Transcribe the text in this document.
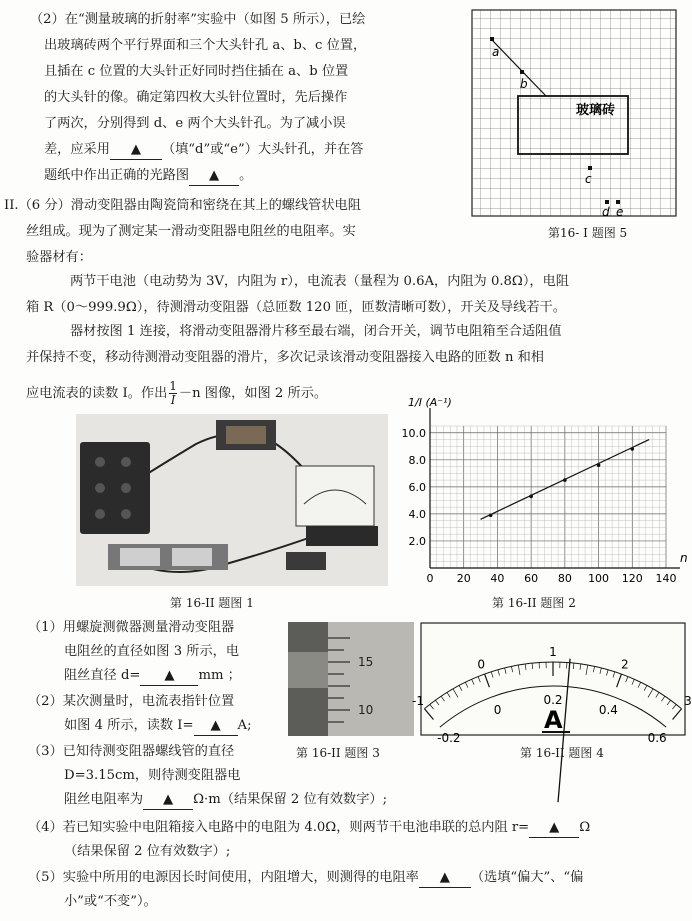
（2）在“测量玻璃的折射率”实验中（如图 5 所示），已绘
出玻璃砖两个平行界面和三个大头针孔 a、b、c 位置，
且插在 c 位置的大头针正好同时挡住插在 a、b 位置
的大头针的像。确定第四枚大头针位置时，先后操作
了两次，分别得到 d、e 两个大头针孔。为了减小误
差，应采用 ▲ （填“d”或“e”）大头针孔，并在答
题纸中作出正确的光路图 ▲ 。
a
b
c
d e
玻璃砖
第16- I 题图 5
II.（6 分）滑动变阻器由陶瓷筒和密绕在其上的螺线管状电阻
丝组成。现为了测定某一滑动变阻器电阻丝的电阻率。实
验器材有：
两节干电池（电动势为 3V，内阻为 r），电流表（量程为 0.6A，内阻为 0.8Ω），电阻
箱 R（0～999.9Ω），待测滑动变阻器（总匝数 120 匝，匝数清晰可数），开关及导线若干。
器材按图 1 连接，将滑动变阻器滑片移至最右端，闭合开关，调节电阻箱至合适阻值
并保持不变，移动待测滑动变阻器的滑片，多次记录该滑动变阻器接入电路的匝数 n 和相
应电流表的读数 I。作出 $\frac{1}{I} -n$ 图像，如图 2 所示。
第 16-II 题图 1
0 20 40 60 80 100 120 140
2.0
4.0
6.0
8.0
10.0
n
1/I (A⁻¹)
第 16-II 题图 2
（1）用螺旋测微器测量滑动变阻器
电阻丝的直径如图 3 所示，电
阻丝直径 d= ▲ mm ；
（2）某次测量时，电流表指针位置
如图 4 所示，读数 I= ▲ A;
（3）已知待测变阻器螺线管的直径
D=3.15cm，则待测变阻器电
阻丝电阻率为 ▲ Ω·m（结果保留 2 位有效数字）;
（4）若已知实验中电阻箱接入电路中的电阻为 4.0Ω，则两节干电池串联的总内阻 r= ▲ Ω
（结果保留 2 位有效数字）;
（5）实验中所用的电源因长时间使用，内阻增大，则测得的电阻率 ▲ （选填“偏大”、“偏
小”或“不变”）。
15
10
第 16-II 题图 3
-1
-0.2
0
0
1
0.2
2
0.4
3
0.6
A
第 16-II 题图 4
